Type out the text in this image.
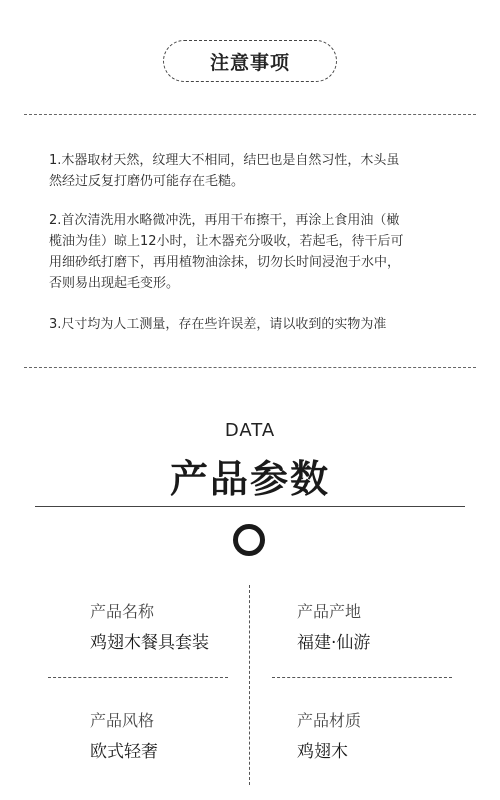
注意事项

1.木器取材天然，纹理大不相同，结巴也是自然习性，木头虽

然经过反复打磨仍可能存在毛糙。

2.首次清洗用水略微冲洗，再用干布擦干，再涂上食用油（橄

榄油为佳）晾上12小时，让木器充分吸收，若起毛，待干后可

用细砂纸打磨下，再用植物油涂抹，切勿长时间浸泡于水中，

否则易出现起毛变形。

3.尺寸均为人工测量，存在些许误差，请以收到的实物为准

DATA
产品参数
产品名称
鸡翅木餐具套装
产品产地
福建·仙游
产品风格
欧式轻奢
产品材质
鸡翅木
